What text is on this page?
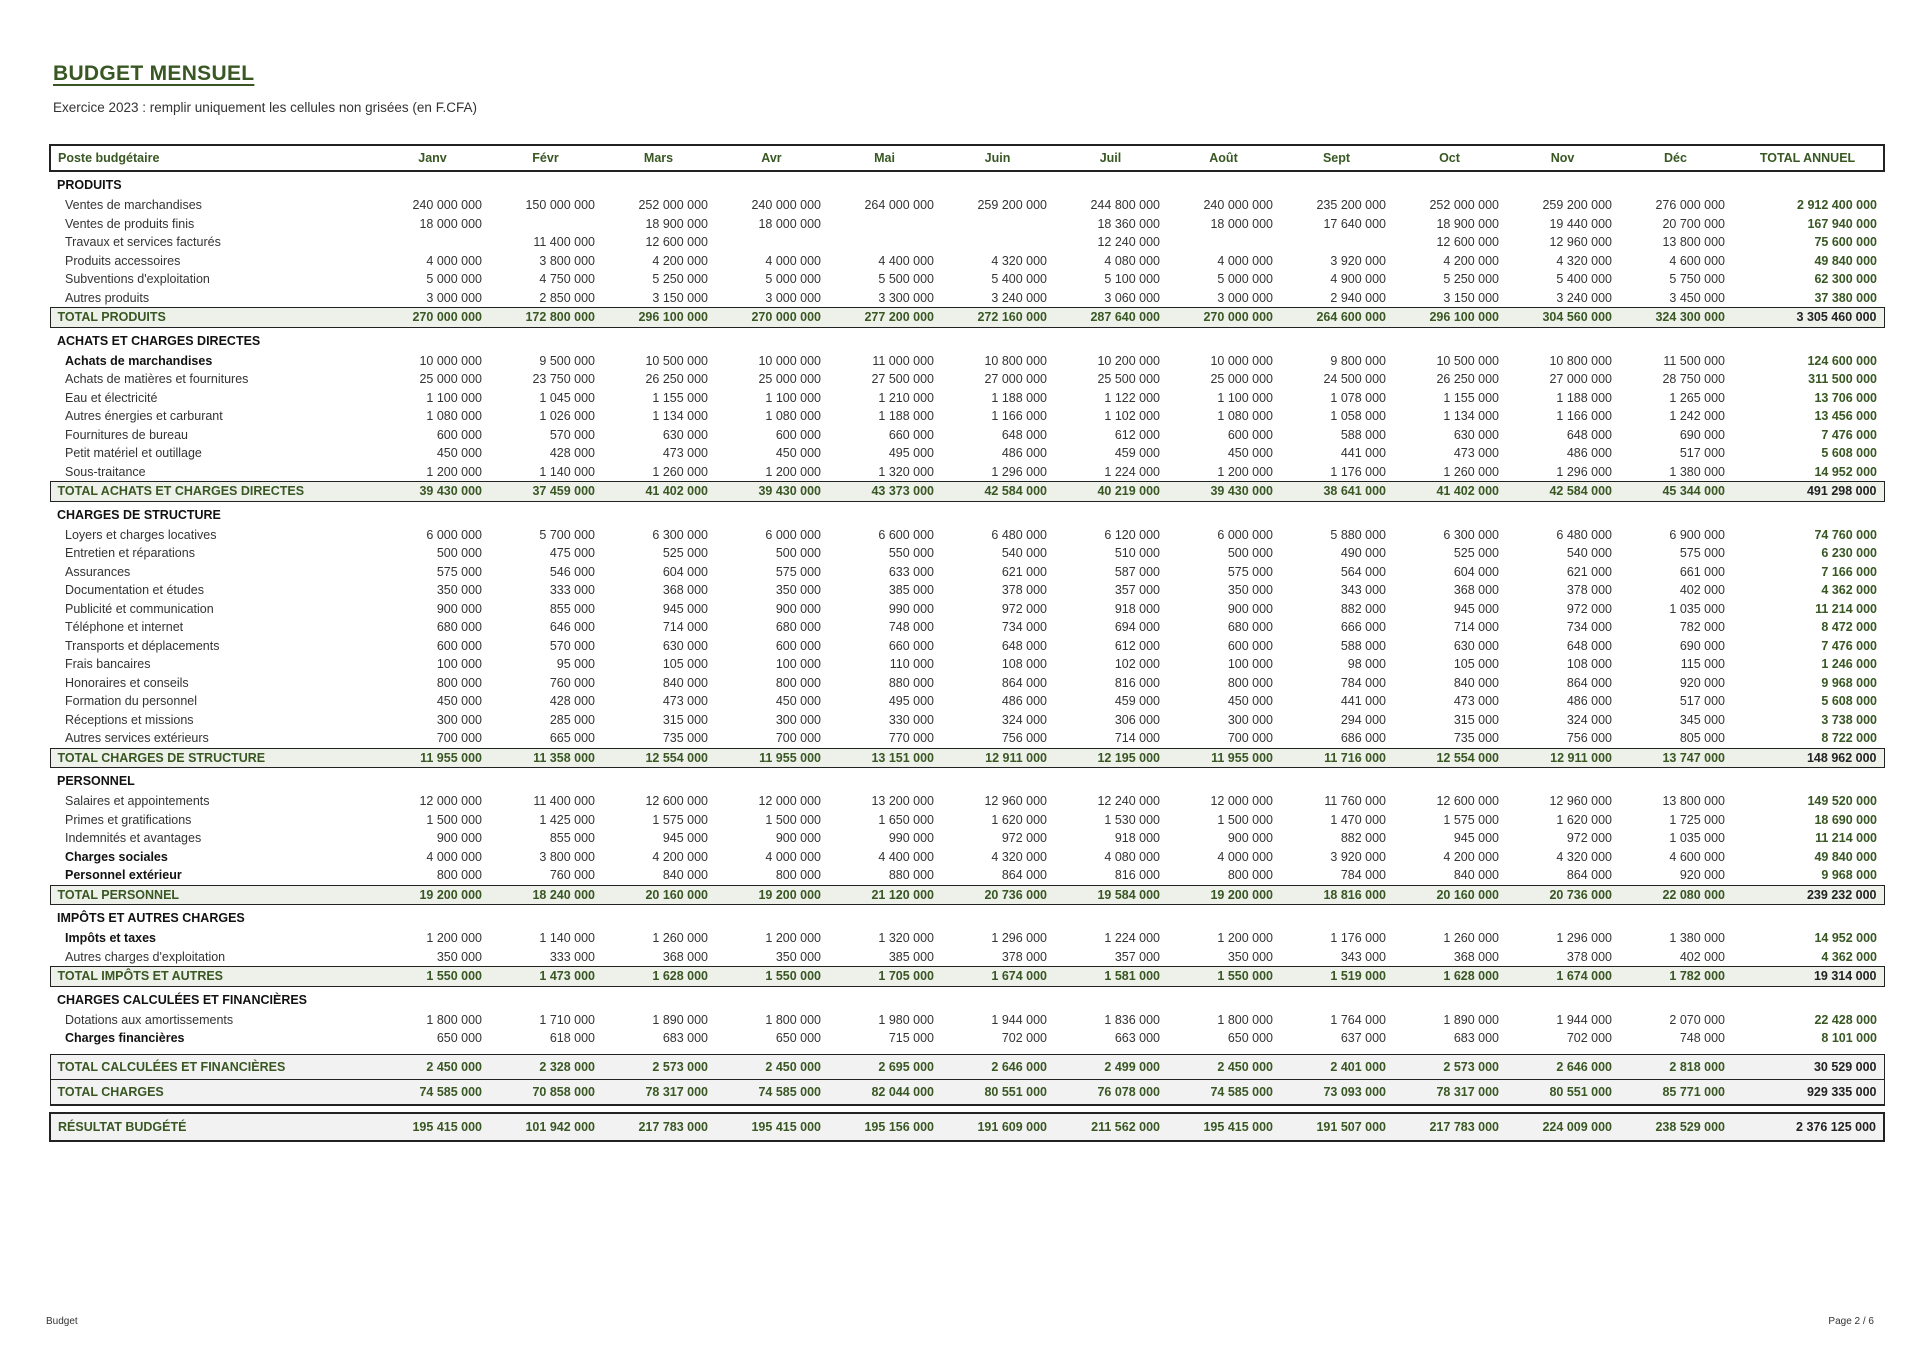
BUDGET MENSUEL
Exercice 2023 : remplir uniquement les cellules non grisées (en F.CFA)
Poste budgétaire	Janv	Févr	Mars	Avr	Mai	Juin	Juil	Août	Sept	Oct	Nov	Déc	TOTAL ANNUEL
PRODUITS													
Ventes de marchandises	240 000 000	150 000 000	252 000 000	240 000 000	264 000 000	259 200 000	244 800 000	240 000 000	235 200 000	252 000 000	259 200 000	276 000 000	2 912 400 000
Ventes de produits finis	18 000 000		18 900 000	18 000 000			18 360 000	18 000 000	17 640 000	18 900 000	19 440 000	20 700 000	167 940 000
Travaux et services facturés		11 400 000	12 600 000				12 240 000			12 600 000	12 960 000	13 800 000	75 600 000
Produits accessoires	4 000 000	3 800 000	4 200 000	4 000 000	4 400 000	4 320 000	4 080 000	4 000 000	3 920 000	4 200 000	4 320 000	4 600 000	49 840 000
Subventions d'exploitation	5 000 000	4 750 000	5 250 000	5 000 000	5 500 000	5 400 000	5 100 000	5 000 000	4 900 000	5 250 000	5 400 000	5 750 000	62 300 000
Autres produits	3 000 000	2 850 000	3 150 000	3 000 000	3 300 000	3 240 000	3 060 000	3 000 000	2 940 000	3 150 000	3 240 000	3 450 000	37 380 000
TOTAL PRODUITS	270 000 000	172 800 000	296 100 000	270 000 000	277 200 000	272 160 000	287 640 000	270 000 000	264 600 000	296 100 000	304 560 000	324 300 000	3 305 460 000
ACHATS ET CHARGES DIRECTES													
Achats de marchandises	10 000 000	9 500 000	10 500 000	10 000 000	11 000 000	10 800 000	10 200 000	10 000 000	9 800 000	10 500 000	10 800 000	11 500 000	124 600 000
Achats de matières et fournitures	25 000 000	23 750 000	26 250 000	25 000 000	27 500 000	27 000 000	25 500 000	25 000 000	24 500 000	26 250 000	27 000 000	28 750 000	311 500 000
Eau et électricité	1 100 000	1 045 000	1 155 000	1 100 000	1 210 000	1 188 000	1 122 000	1 100 000	1 078 000	1 155 000	1 188 000	1 265 000	13 706 000
Autres énergies et carburant	1 080 000	1 026 000	1 134 000	1 080 000	1 188 000	1 166 000	1 102 000	1 080 000	1 058 000	1 134 000	1 166 000	1 242 000	13 456 000
Fournitures de bureau	600 000	570 000	630 000	600 000	660 000	648 000	612 000	600 000	588 000	630 000	648 000	690 000	7 476 000
Petit matériel et outillage	450 000	428 000	473 000	450 000	495 000	486 000	459 000	450 000	441 000	473 000	486 000	517 000	5 608 000
Sous-traitance	1 200 000	1 140 000	1 260 000	1 200 000	1 320 000	1 296 000	1 224 000	1 200 000	1 176 000	1 260 000	1 296 000	1 380 000	14 952 000
TOTAL ACHATS ET CHARGES DIRECTES	39 430 000	37 459 000	41 402 000	39 430 000	43 373 000	42 584 000	40 219 000	39 430 000	38 641 000	41 402 000	42 584 000	45 344 000	491 298 000
CHARGES DE STRUCTURE													
Loyers et charges locatives	6 000 000	5 700 000	6 300 000	6 000 000	6 600 000	6 480 000	6 120 000	6 000 000	5 880 000	6 300 000	6 480 000	6 900 000	74 760 000
Entretien et réparations	500 000	475 000	525 000	500 000	550 000	540 000	510 000	500 000	490 000	525 000	540 000	575 000	6 230 000
Assurances	575 000	546 000	604 000	575 000	633 000	621 000	587 000	575 000	564 000	604 000	621 000	661 000	7 166 000
Documentation et études	350 000	333 000	368 000	350 000	385 000	378 000	357 000	350 000	343 000	368 000	378 000	402 000	4 362 000
Publicité et communication	900 000	855 000	945 000	900 000	990 000	972 000	918 000	900 000	882 000	945 000	972 000	1 035 000	11 214 000
Téléphone et internet	680 000	646 000	714 000	680 000	748 000	734 000	694 000	680 000	666 000	714 000	734 000	782 000	8 472 000
Transports et déplacements	600 000	570 000	630 000	600 000	660 000	648 000	612 000	600 000	588 000	630 000	648 000	690 000	7 476 000
Frais bancaires	100 000	95 000	105 000	100 000	110 000	108 000	102 000	100 000	98 000	105 000	108 000	115 000	1 246 000
Honoraires et conseils	800 000	760 000	840 000	800 000	880 000	864 000	816 000	800 000	784 000	840 000	864 000	920 000	9 968 000
Formation du personnel	450 000	428 000	473 000	450 000	495 000	486 000	459 000	450 000	441 000	473 000	486 000	517 000	5 608 000
Réceptions et missions	300 000	285 000	315 000	300 000	330 000	324 000	306 000	300 000	294 000	315 000	324 000	345 000	3 738 000
Autres services extérieurs	700 000	665 000	735 000	700 000	770 000	756 000	714 000	700 000	686 000	735 000	756 000	805 000	8 722 000
TOTAL CHARGES DE STRUCTURE	11 955 000	11 358 000	12 554 000	11 955 000	13 151 000	12 911 000	12 195 000	11 955 000	11 716 000	12 554 000	12 911 000	13 747 000	148 962 000
PERSONNEL													
Salaires et appointements	12 000 000	11 400 000	12 600 000	12 000 000	13 200 000	12 960 000	12 240 000	12 000 000	11 760 000	12 600 000	12 960 000	13 800 000	149 520 000
Primes et gratifications	1 500 000	1 425 000	1 575 000	1 500 000	1 650 000	1 620 000	1 530 000	1 500 000	1 470 000	1 575 000	1 620 000	1 725 000	18 690 000
Indemnités et avantages	900 000	855 000	945 000	900 000	990 000	972 000	918 000	900 000	882 000	945 000	972 000	1 035 000	11 214 000
Charges sociales	4 000 000	3 800 000	4 200 000	4 000 000	4 400 000	4 320 000	4 080 000	4 000 000	3 920 000	4 200 000	4 320 000	4 600 000	49 840 000
Personnel extérieur	800 000	760 000	840 000	800 000	880 000	864 000	816 000	800 000	784 000	840 000	864 000	920 000	9 968 000
TOTAL PERSONNEL	19 200 000	18 240 000	20 160 000	19 200 000	21 120 000	20 736 000	19 584 000	19 200 000	18 816 000	20 160 000	20 736 000	22 080 000	239 232 000
IMPÔTS ET AUTRES CHARGES													
Impôts et taxes	1 200 000	1 140 000	1 260 000	1 200 000	1 320 000	1 296 000	1 224 000	1 200 000	1 176 000	1 260 000	1 296 000	1 380 000	14 952 000
Autres charges d'exploitation	350 000	333 000	368 000	350 000	385 000	378 000	357 000	350 000	343 000	368 000	378 000	402 000	4 362 000
TOTAL IMPÔTS ET AUTRES	1 550 000	1 473 000	1 628 000	1 550 000	1 705 000	1 674 000	1 581 000	1 550 000	1 519 000	1 628 000	1 674 000	1 782 000	19 314 000
CHARGES CALCULÉES ET FINANCIÈRES													
Dotations aux amortissements	1 800 000	1 710 000	1 890 000	1 800 000	1 980 000	1 944 000	1 836 000	1 800 000	1 764 000	1 890 000	1 944 000	2 070 000	22 428 000
Charges financières	650 000	618 000	683 000	650 000	715 000	702 000	663 000	650 000	637 000	683 000	702 000	748 000	8 101 000

TOTAL CALCULÉES ET FINANCIÈRES	2 450 000	2 328 000	2 573 000	2 450 000	2 695 000	2 646 000	2 499 000	2 450 000	2 401 000	2 573 000	2 646 000	2 818 000	30 529 000
TOTAL CHARGES	74 585 000	70 858 000	78 317 000	74 585 000	82 044 000	80 551 000	76 078 000	74 585 000	73 093 000	78 317 000	80 551 000	85 771 000	929 335 000

RÉSULTAT BUDGÉTÉ	195 415 000	101 942 000	217 783 000	195 415 000	195 156 000	191 609 000	211 562 000	195 415 000	191 507 000	217 783 000	224 009 000	238 529 000	2 376 125 000
Budget	Page 2 / 6
